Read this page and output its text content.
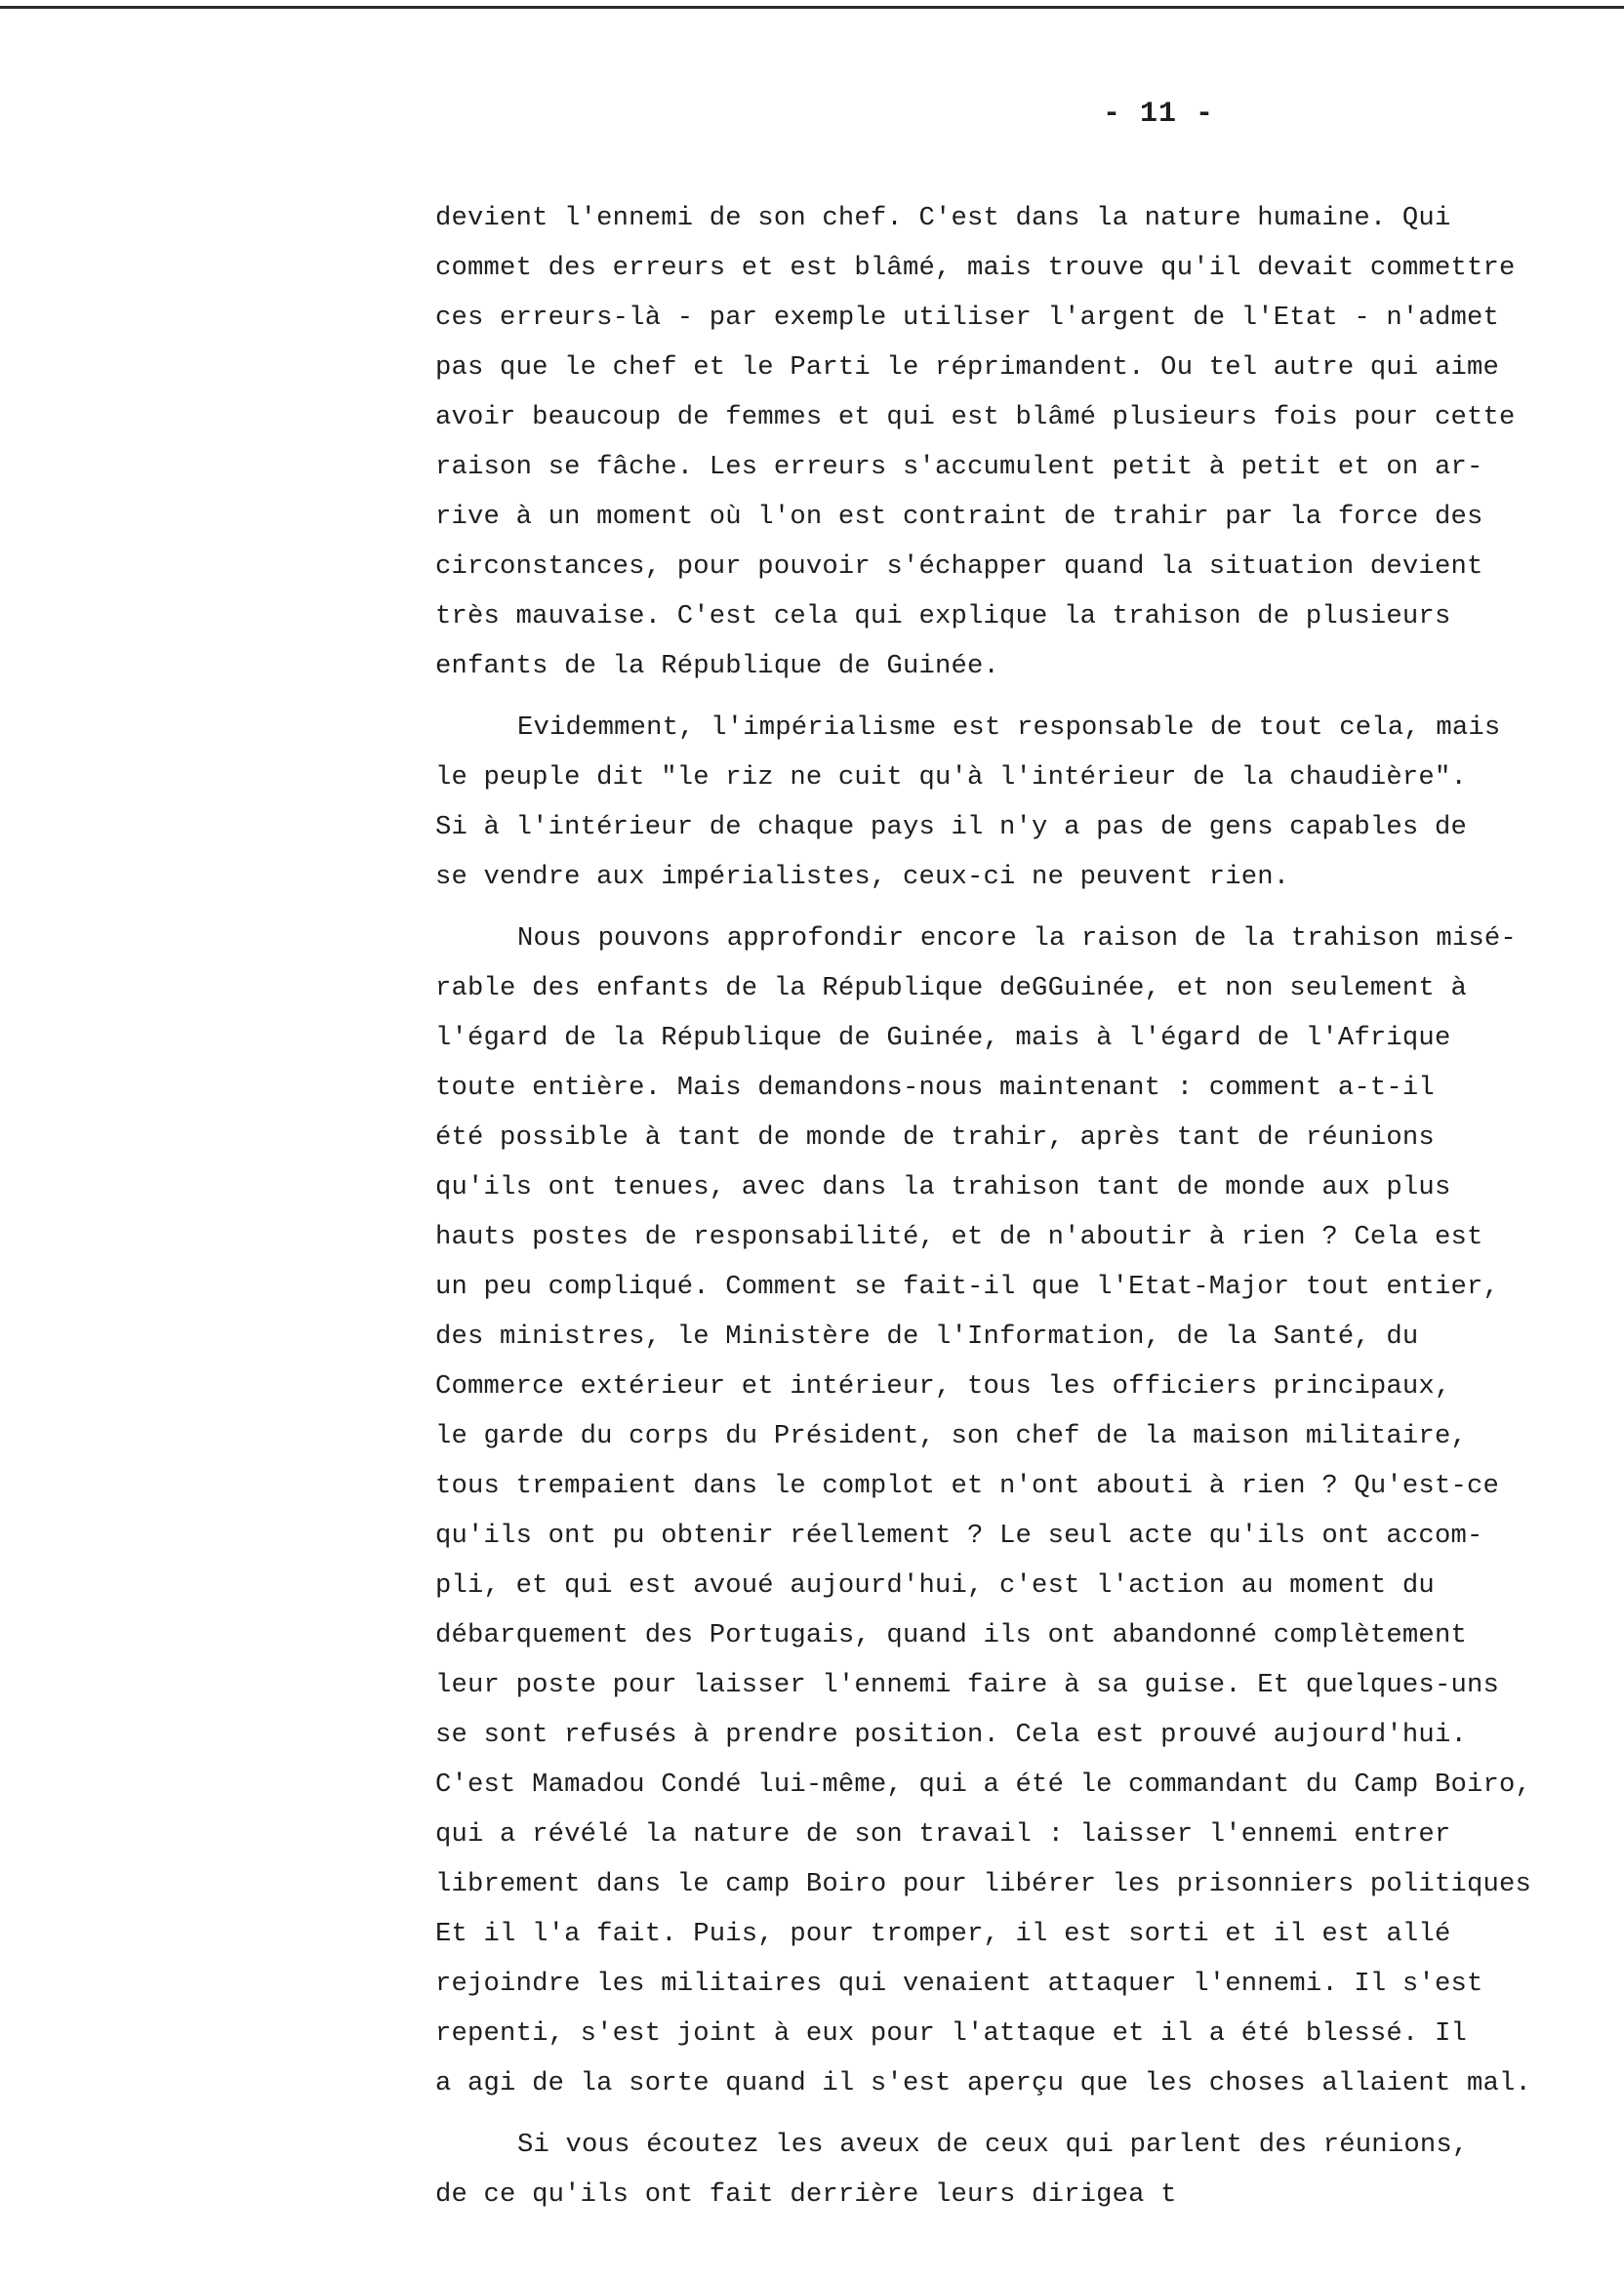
- 11 -

devient l'ennemi de son chef. C'est dans la nature humaine. Qui
commet des erreurs et est blâmé, mais trouve qu'il devait commettre
ces erreurs-là - par exemple utiliser l'argent de l'Etat - n'admet
pas que le chef et le Parti le réprimandent. Ou tel autre qui aime
avoir beaucoup de femmes et qui est blâmé plusieurs fois pour cette
raison se fâche. Les erreurs s'accumulent petit à petit et on ar-
rive à un moment où l'on est contraint de trahir par la force des
circonstances, pour pouvoir s'échapper quand la situation devient
très mauvaise. C'est cela qui explique la trahison de plusieurs
enfants de la République de Guinée.

Evidemment, l'impérialisme est responsable de tout cela, mais
le peuple dit "le riz ne cuit qu'à l'intérieur de la chaudière".
Si à l'intérieur de chaque pays il n'y a pas de gens capables de
se vendre aux impérialistes, ceux-ci ne peuvent rien.

Nous pouvons approfondir encore la raison de la trahison misé-
rable des enfants de la République deGGuinée, et non seulement à
l'égard de la République de Guinée, mais à l'égard de l'Afrique
toute entière. Mais demandons-nous maintenant : comment a-t-il
été possible à tant de monde de trahir, après tant de réunions
qu'ils ont tenues, avec dans la trahison tant de monde aux plus
hauts postes de responsabilité, et de n'aboutir à rien ? Cela est
un peu compliqué. Comment se fait-il que l'Etat-Major tout entier,
des ministres, le Ministère de l'Information, de la Santé, du
Commerce extérieur et intérieur, tous les officiers principaux,
le garde du corps du Président, son chef de la maison militaire,
tous trempaient dans le complot et n'ont abouti à rien ? Qu'est-ce
qu'ils ont pu obtenir réellement ? Le seul acte qu'ils ont accom-
pli, et qui est avoué aujourd'hui, c'est l'action au moment du
débarquement des Portugais, quand ils ont abandonné complètement
leur poste pour laisser l'ennemi faire à sa guise. Et quelques-uns
se sont refusés à prendre position. Cela est prouvé aujourd'hui.
C'est Mamadou Condé lui-même, qui a été le commandant du Camp Boiro,
qui a révélé la nature de son travail : laisser l'ennemi entrer
librement dans le camp Boiro pour libérer les prisonniers politiques
Et il l'a fait. Puis, pour tromper, il est sorti et il est allé
rejoindre les militaires qui venaient attaquer l'ennemi. Il s'est
repenti, s'est joint à eux pour l'attaque et il a été blessé. Il
a agi de la sorte quand il s'est aperçu que les choses allaient mal.

Si vous écoutez les aveux de ceux qui parlent des réunions,
de ce qu'ils ont fait derrière leurs dirigea t
